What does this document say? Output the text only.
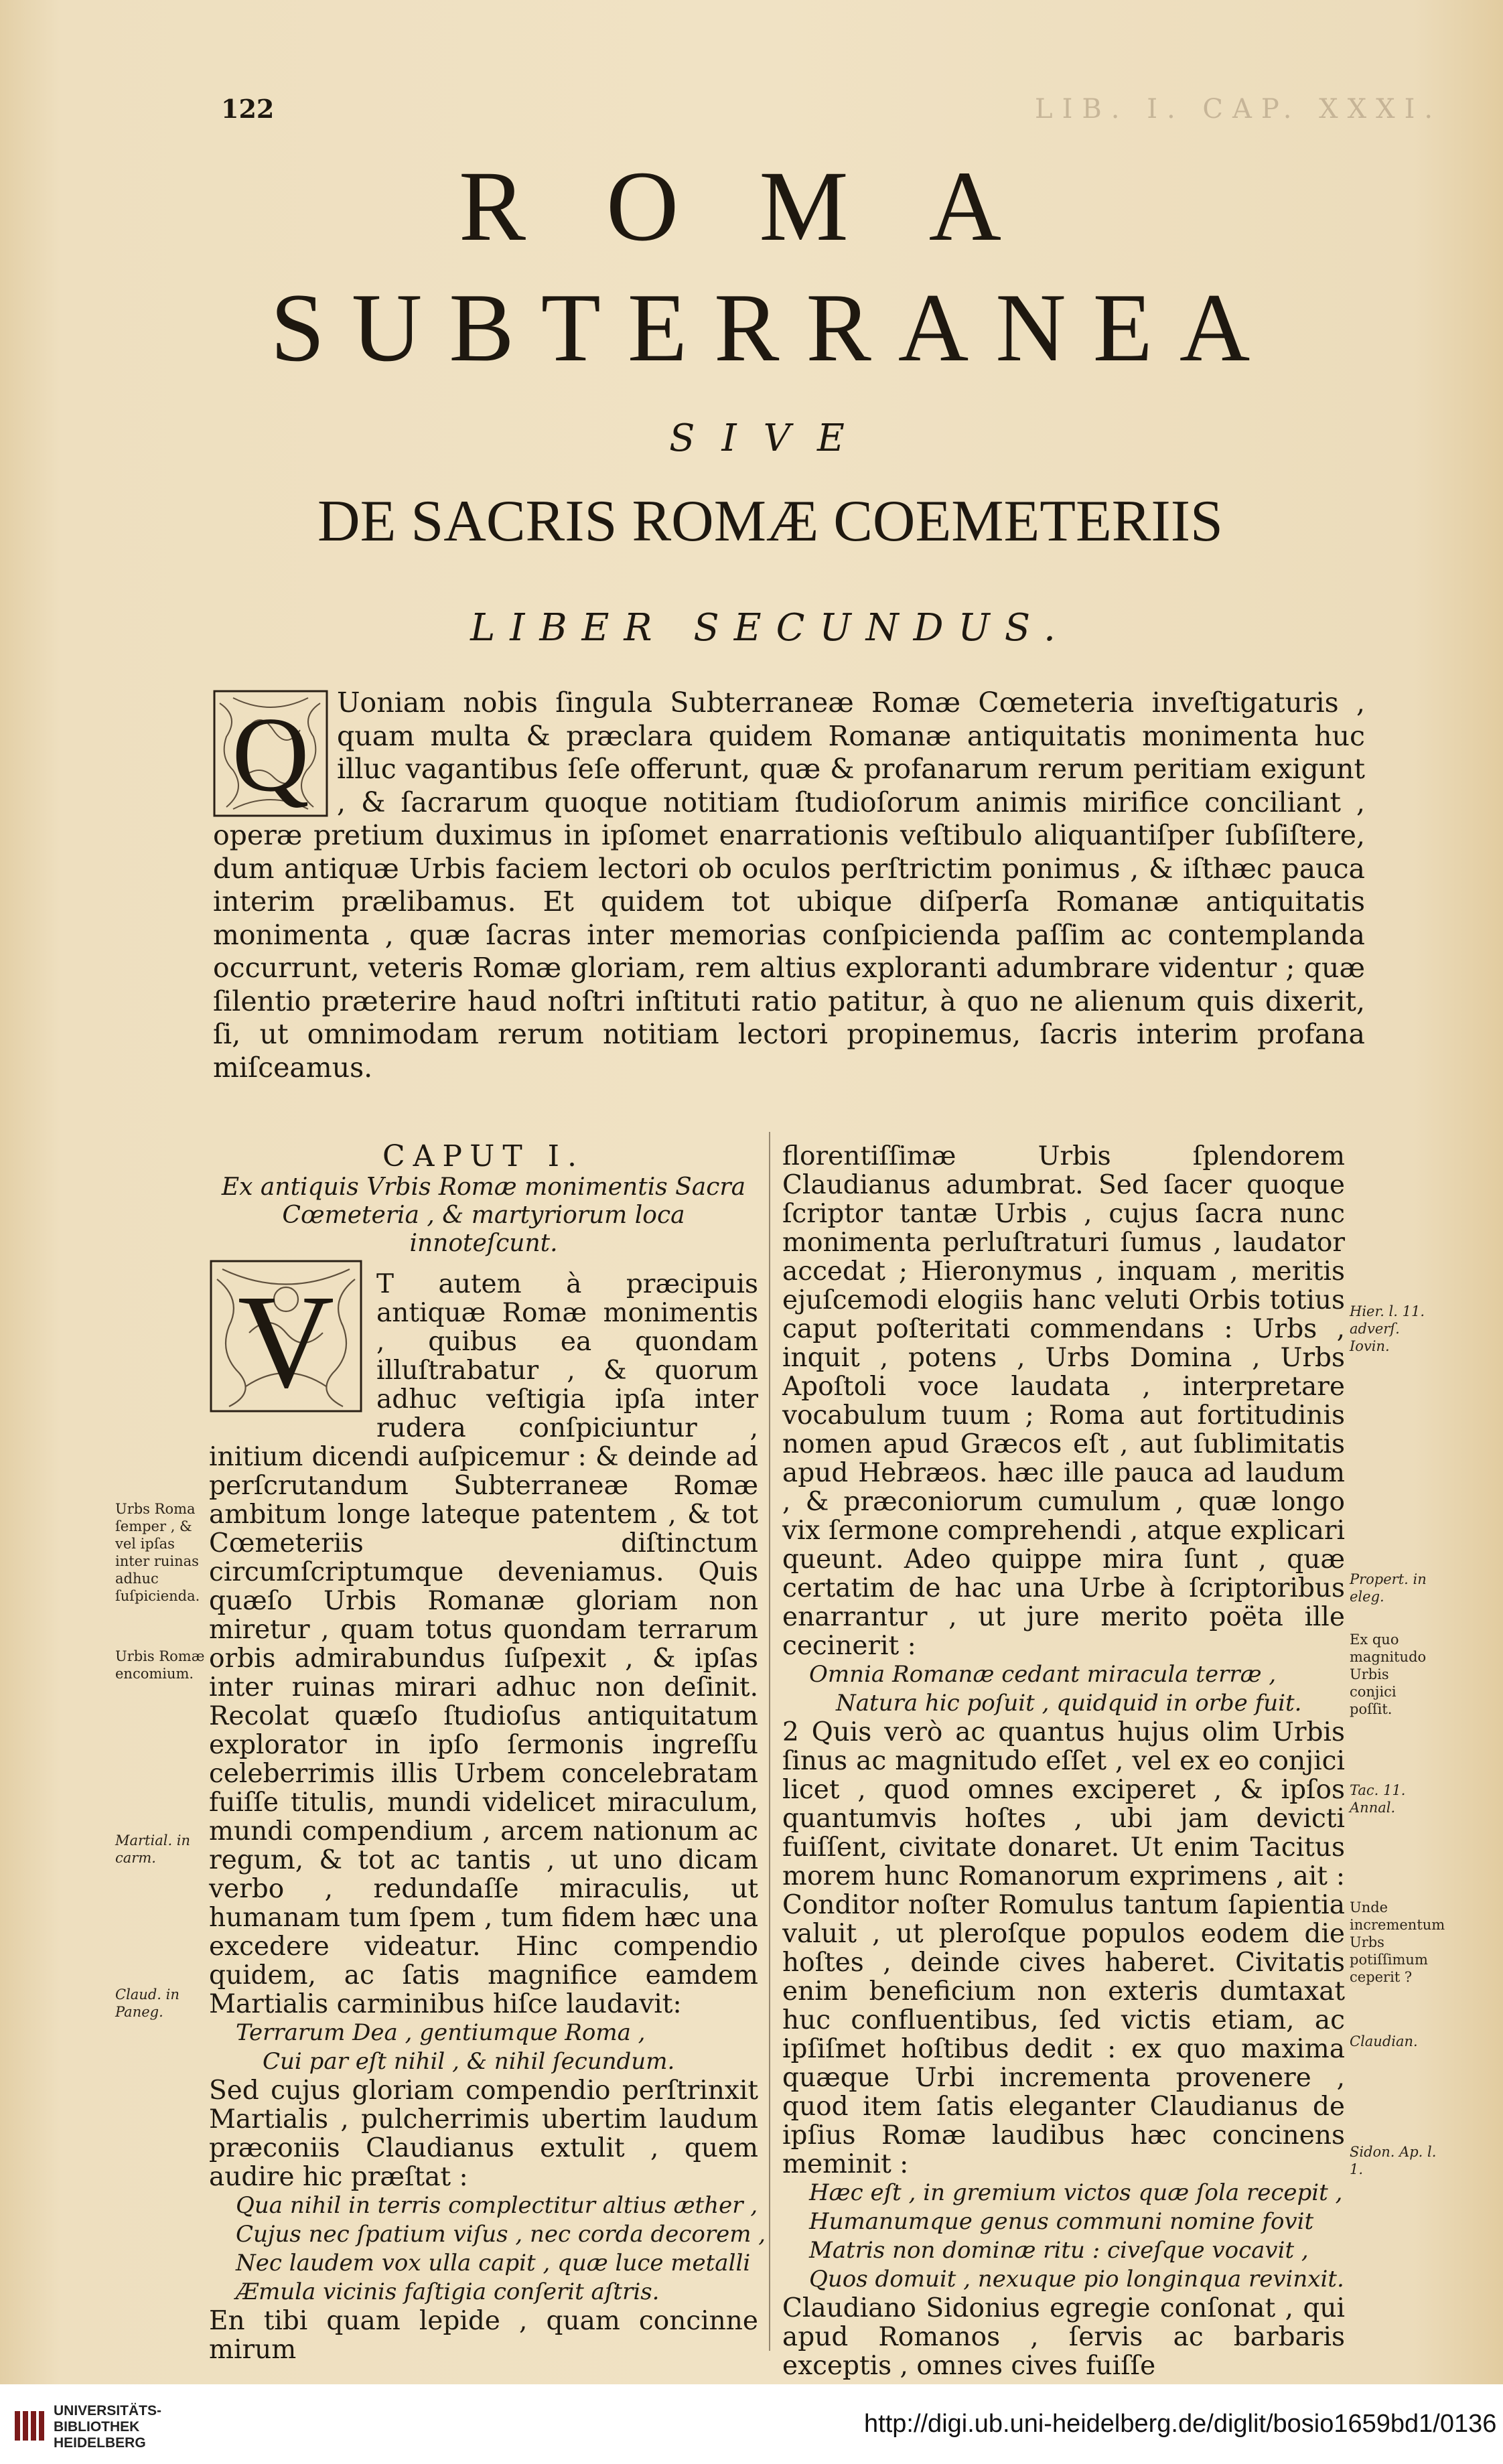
122	LIB. I. CAP. XXXI.
ROMA
SUBTERRANEA
SIVE
DE SACRIS ROMÆ COEMETERIIS
LIBER SECUNDUS.
Q	Uoniam nobis ſingula Subterraneæ Romæ Cœmeteria inveſtigaturis , quam multa & præclara quidem Romanæ antiquitatis monimenta huc illuc vagantibus ſeſe offerunt, quæ & profanarum rerum peritiam exigunt , & ſacrarum quoque notitiam ſtudioſorum animis mirifice conciliant , operæ pretium duximus in ipſomet enarrationis veſtibulo aliquantiſper ſubſiſtere, dum antiquæ Urbis faciem lectori ob oculos perſtrictim ponimus , & iſthæc pauca interim prælibamus. Et quidem tot ubique diſperſa Romanæ antiquitatis monimenta , quæ ſacras inter memorias conſpicienda paſſim ac contemplanda occurrunt, veteris Romæ gloriam, rem altius exploranti adumbrare videntur ; quæ ſilentio præterire haud noſtri inſtituti ratio patitur, à quo ne alienum quis dixerit, ſi, ut omnimodam rerum notitiam lectori propinemus, ſacris interim profana miſceamus.
CAPUT I.
Ex antiquis Vrbis Romæ monimentis Sacra Cœmeteria , & martyriorum loca innoteſcunt.

T autem à præcipuis antiquæ Romæ monimentis , quibus ea quondam illuſtrabatur , & quorum adhuc veſtigia ipſa inter rudera conſpiciuntur , initium dicendi auſpicemur : & deinde ad perſcrutandum Subterraneæ Romæ ambitum longe lateque patentem , & tot Cœmeteriis diſtinctum circumſcriptumque deveniamus. Quis quæſo Urbis Romanæ gloriam non miretur , quam totus quondam terrarum orbis admirabundus ſuſpexit , & ipſas inter ruinas mirari adhuc non deſinit. Recolat quæſo ſtudioſus antiquitatum explorator in ipſo ſermonis ingreſſu celeberrimis illis Urbem concelebratam fuiſſe titulis, mundi videlicet miraculum, mundi compendium , arcem nationum ac regum, & tot ac tantis , ut uno dicam verbo , redundaſſe miraculis, ut humanam tum ſpem , tum fidem hæc una excedere videatur. Hinc compendio quidem, ac ſatis magnifice eamdem Martialis carminibus hiſce laudavit:

Terrarum Dea , gentiumque Roma ,
Cui par eſt nihil , & nihil ſecundum.

Sed cujus gloriam compendio perſtrinxit Martialis , pulcherrimis ubertim laudum præconiis Claudianus extulit , quem audire hic præſtat :

Qua nihil in terris complectitur altius æther ,
Cujus nec ſpatium viſus , nec corda decorem ,
Nec laudem vox ulla capit , quæ luce metalli
Æmula vicinis faſtigia conſerit aſtris.

En tibi quam lepide , quam concinne mirum

V

florentiſſimæ Urbis ſplendorem Claudianus adumbrat. Sed ſacer quoque ſcriptor tantæ Urbis , cujus ſacra nunc monimenta perluſtraturi ſumus , laudator accedat ; Hieronymus , inquam , meritis ejuſcemodi elogiis hanc veluti Orbis totius caput poſteritati commendans : Urbs , inquit , potens , Urbs Domina , Urbs Apoſtoli voce laudata , interpretare vocabulum tuum ; Roma aut fortitudinis nomen apud Græcos eſt , aut ſublimitatis apud Hebræos. hæc ille pauca ad laudum , & præconiorum cumulum , quæ longo vix ſermone comprehendi , atque explicari queunt. Adeo quippe mira ſunt , quæ certatim de hac una Urbe à ſcriptoribus enarrantur , ut jure merito poëta ille cecinerit :

Omnia Romanæ cedant miracula terræ ,
Natura hic poſuit , quidquid in orbe fuit.

2 Quis verò ac quantus hujus olim Urbis ſinus ac magnitudo eſſet , vel ex eo conjici licet , quod omnes exciperet , & ipſos quantumvis hoſtes , ubi jam devicti fuiſſent, civitate donaret. Ut enim Tacitus morem hunc Romanorum exprimens , ait : Conditor noſter Romulus tantum ſapientia valuit , ut pleroſque populos eodem die hoſtes , deinde cives haberet. Civitatis enim beneficium non exteris dumtaxat huc confluentibus, ſed victis etiam, ac ipſiſmet hoſtibus dedit : ex quo maxima quæque Urbi incrementa provenere , quod item ſatis eleganter Claudianus de ipſius Romæ laudibus hæc concinens meminit :

Hæc eſt , in gremium victos quæ ſola recepit ,
Humanumque genus communi nomine fovit
Matris non dominæ ritu : civeſque vocavit ,
Quos domuit , nexuque pio longinqua revinxit.

Claudiano Sidonius egregie conſonat , qui apud Romanos , ſervis ac barbaris exceptis , omnes cives fuiſſe

Urbs Roma ſemper , & vel ipſas inter ruinas adhuc ſuſpicienda.
Urbis Romæ encomium.
Martial. in carm.
Claud. in Paneg.
Hier. l. 11. adverſ. Iovin.
Propert. in eleg.
Ex quo magnitudo Urbis conjici poſſit.
Tac. 11. Annal.
Unde incrementum Urbs potiſſimum ceperit ?
Claudian.
Sidon. Ap. l. 1.
UNIVERSITÄTS-
BIBLIOTHEK
HEIDELBERG
http://digi.ub.uni-heidelberg.de/diglit/bosio1659bd1/0136
